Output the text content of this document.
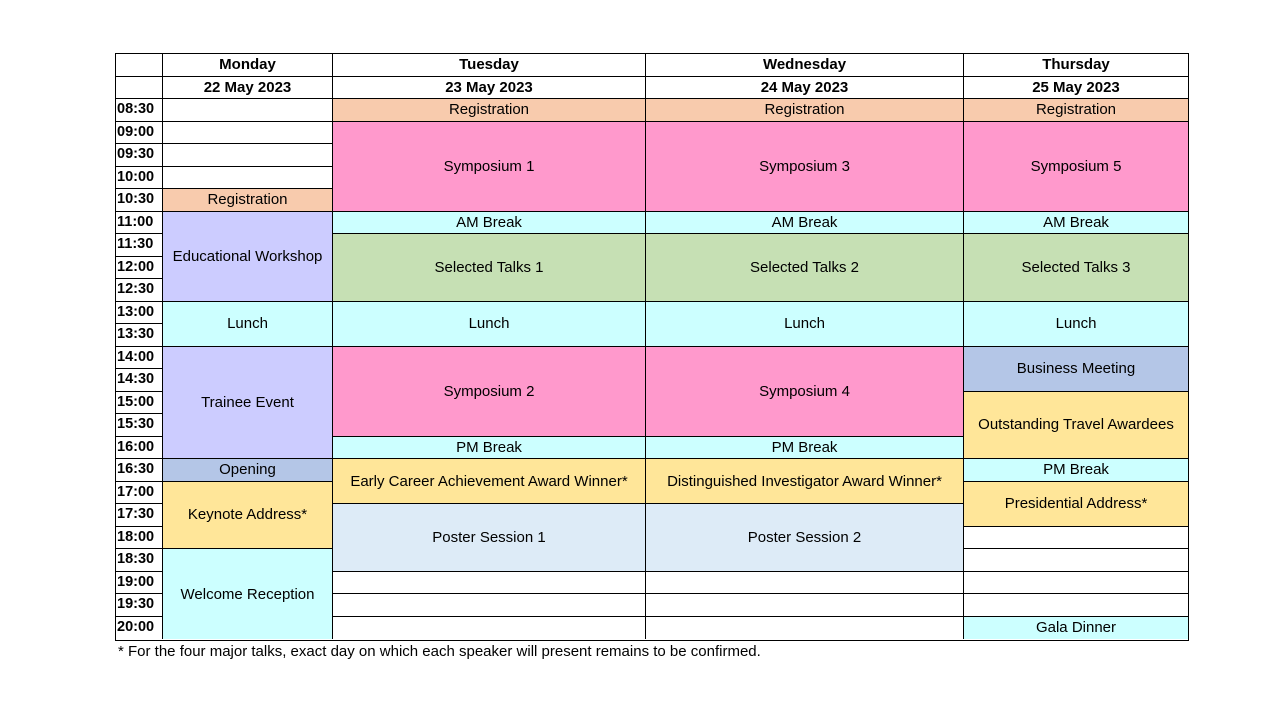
Monday
22 May 2023
Tuesday
23 May 2023
Wednesday
24 May 2023
Thursday
25 May 2023
08:30
09:00
09:30
10:00
10:30
11:00
11:30
12:00
12:30
13:00
13:30
14:00
14:30
15:00
15:30
16:00
16:30
17:00
17:30
18:00
18:30
19:00
19:30
20:00
Registration
Educational Workshop
Lunch
Trainee Event
Opening
Keynote Address*
Welcome Reception
Registration
Symposium 1
AM Break
Selected Talks 1
Lunch
Symposium 2
PM Break
Early Career Achievement Award Winner*
Poster Session 1
Registration
Symposium 3
AM Break
Selected Talks 2
Lunch
Symposium 4
PM Break
Distinguished Investigator Award Winner*
Poster Session 2
Registration
Symposium 5
AM Break
Selected Talks 3
Lunch
Business Meeting
Outstanding Travel Awardees
PM Break
Presidential Address*
Gala Dinner
* For the four major talks, exact day on which each speaker will present remains to be confirmed.
